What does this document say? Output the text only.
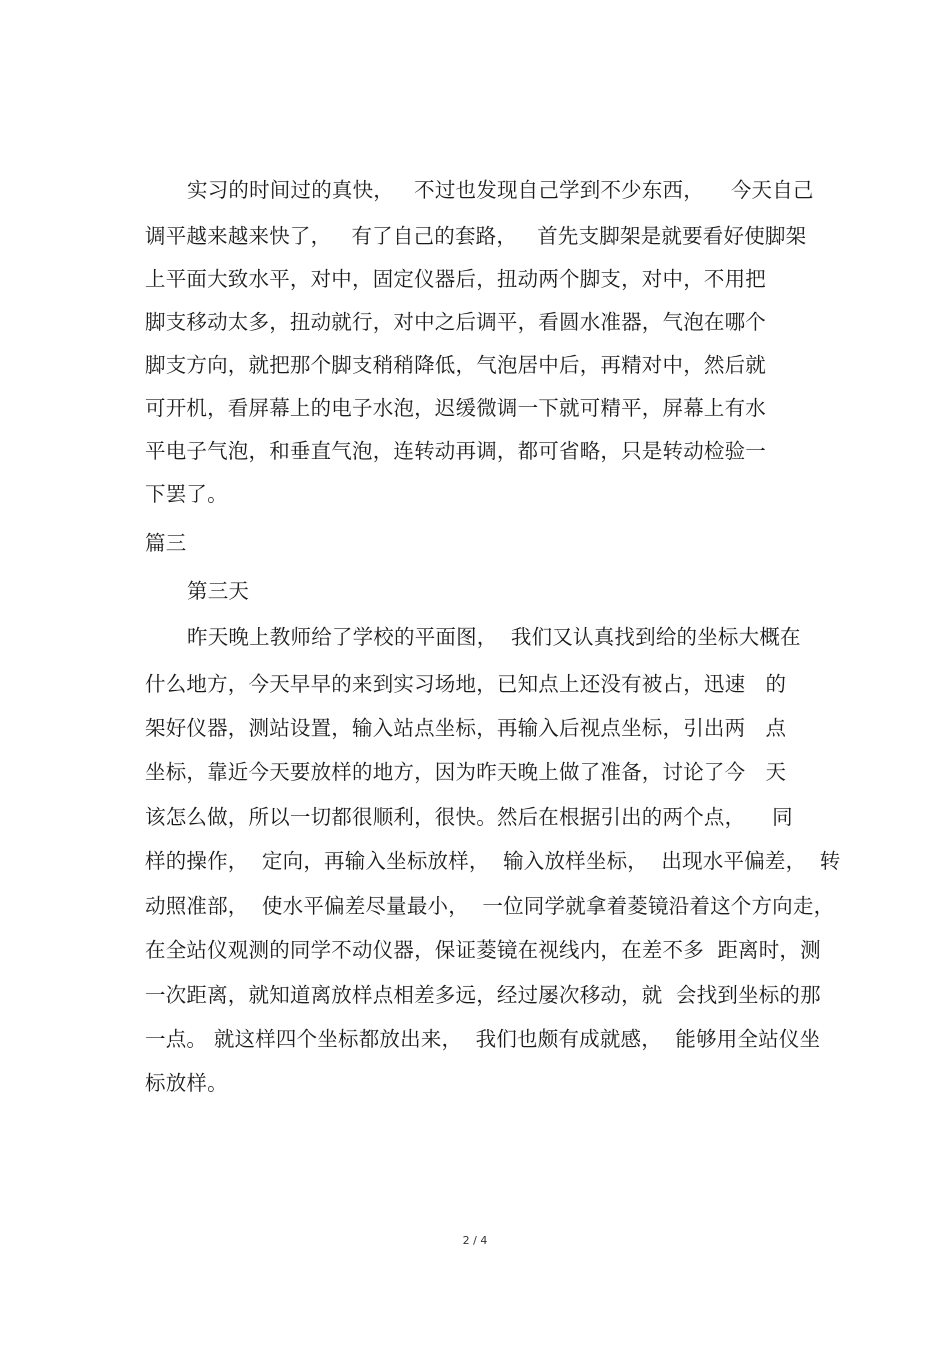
实习的时间过的真快，   不过也发现自己学到不少东西，    今天自己
调平越来越来快了，   有了自己的套路，   首先支脚架是就要看好使脚架
上平面大致水平，对中，固定仪器后，扭动两个脚支，对中，不用把
脚支移动太多，扭动就行，对中之后调平，看圆水准器，气泡在哪个
脚支方向，就把那个脚支稍稍降低，气泡居中后，再精对中，然后就
可开机，看屏幕上的电子水泡，迟缓微调一下就可精平，屏幕上有水
平电子气泡，和垂直气泡，连转动再调，都可省略，只是转动检验一
下罢了。
篇三
第三天
昨天晚上教师给了学校的平面图，  我们又认真找到给的坐标大概在
什么地方，今天早早的来到实习场地，已知点上还没有被占，迅速   的
架好仪器，测站设置，输入站点坐标，再输入后视点坐标，引出两   点
坐标，靠近今天要放样的地方，因为昨天晚上做了准备，讨论了今   天
该怎么做，所以一切都很顺利，很快。然后在根据引出的两个点，    同
样的操作，  定向，再输入坐标放样，  输入放样坐标，  出现水平偏差，  转
动照准部，  使水平偏差尽量最小，  一位同学就拿着菱镜沿着这个方向走，
在全站仪观测的同学不动仪器，保证菱镜在视线内，在差不多  距离时，测
一次距离，就知道离放样点相差多远，经过屡次移动，就  会找到坐标的那
一点。 就这样四个坐标都放出来，  我们也颇有成就感，  能够用全站仪坐
标放样。
2 / 4
